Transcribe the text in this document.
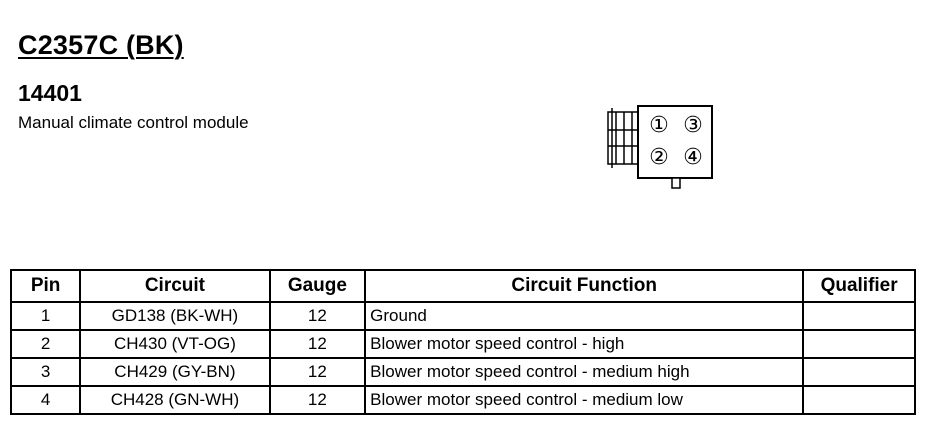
C2357C (BK)
14401
Manual climate control module	① ③
② ④
Pin	Circuit	Gauge	Circuit Function	Qualifier
1	GD138 (BK-WH)	12	Ground	
2	CH430 (VT-OG)	12	Blower motor speed control - high	
3	CH429 (GY-BN)	12	Blower motor speed control - medium high	
4	CH428 (GN-WH)	12	Blower motor speed control - medium low	
